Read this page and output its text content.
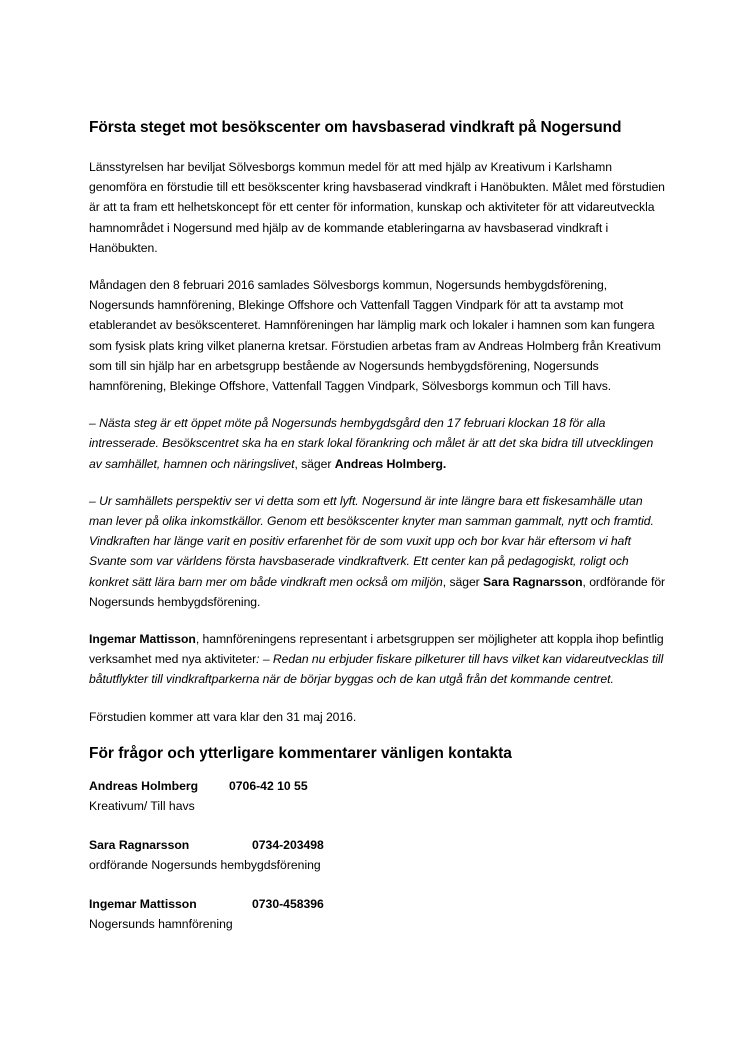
Första steget mot besökscenter om havsbaserad vindkraft på Nogersund

Länsstyrelsen har beviljat Sölvesborgs kommun medel för att med hjälp av Kreativum i Karlshamn genomföra en förstudie till ett besökscenter kring havsbaserad vindkraft i Hanöbukten. Målet med förstudien är att ta fram ett helhetskoncept för ett center för information, kunskap och aktiviteter för att vidareutveckla hamnområdet i Nogersund med hjälp av de kommande etableringarna av havsbaserad vindkraft i Hanöbukten.

Måndagen den 8 februari 2016 samlades Sölvesborgs kommun, Nogersunds hembygdsförening, Nogersunds hamnförening, Blekinge Offshore och Vattenfall Taggen Vindpark för att ta avstamp mot etablerandet av besökscenteret. Hamnföreningen har lämplig mark och lokaler i hamnen som kan fungera som fysisk plats kring vilket planerna kretsar. Förstudien arbetas fram av Andreas Holmberg från Kreativum som till sin hjälp har en arbetsgrupp bestående av Nogersunds hembygdsförening, Nogersunds hamnförening, Blekinge Offshore, Vattenfall Taggen Vindpark, Sölvesborgs kommun och Till havs.

– Nästa steg är ett öppet möte på Nogersunds hembygdsgård den 17 februari klockan 18 för alla intresserade. Besökscentret ska ha en stark lokal förankring och målet är att det ska bidra till utvecklingen av samhället, hamnen och näringslivet, säger Andreas Holmberg.

– Ur samhällets perspektiv ser vi detta som ett lyft. Nogersund är inte längre bara ett fiskesamhälle utan man lever på olika inkomstkällor. Genom ett besökscenter knyter man samman gammalt, nytt och framtid. Vindkraften har länge varit en positiv erfarenhet för de som vuxit upp och bor kvar här eftersom vi haft Svante som var världens första havsbaserade vindkraftverk. Ett center kan på pedagogiskt, roligt och konkret sätt lära barn mer om både vindkraft men också om miljön, säger Sara Ragnarsson, ordförande för Nogersunds hembygdsförening.

Ingemar Mattisson, hamnföreningens representant i arbetsgruppen ser möjligheter att koppla ihop befintlig verksamhet med nya aktiviteter: – Redan nu erbjuder fiskare pilketurer till havs vilket kan vidareutvecklas till båtutflykter till vindkraftparkerna när de börjar byggas och de kan utgå från det kommande centret.

Förstudien kommer att vara klar den 31 maj 2016.

För frågor och ytterligare kommentarer vänligen kontakta
Andreas Holmberg	0706-42 10 55
Kreativum/ Till havs
Sara Ragnarsson	0734-203498
ordförande Nogersunds hembygdsförening
Ingemar Mattisson	0730-458396
Nogersunds hamnförening
